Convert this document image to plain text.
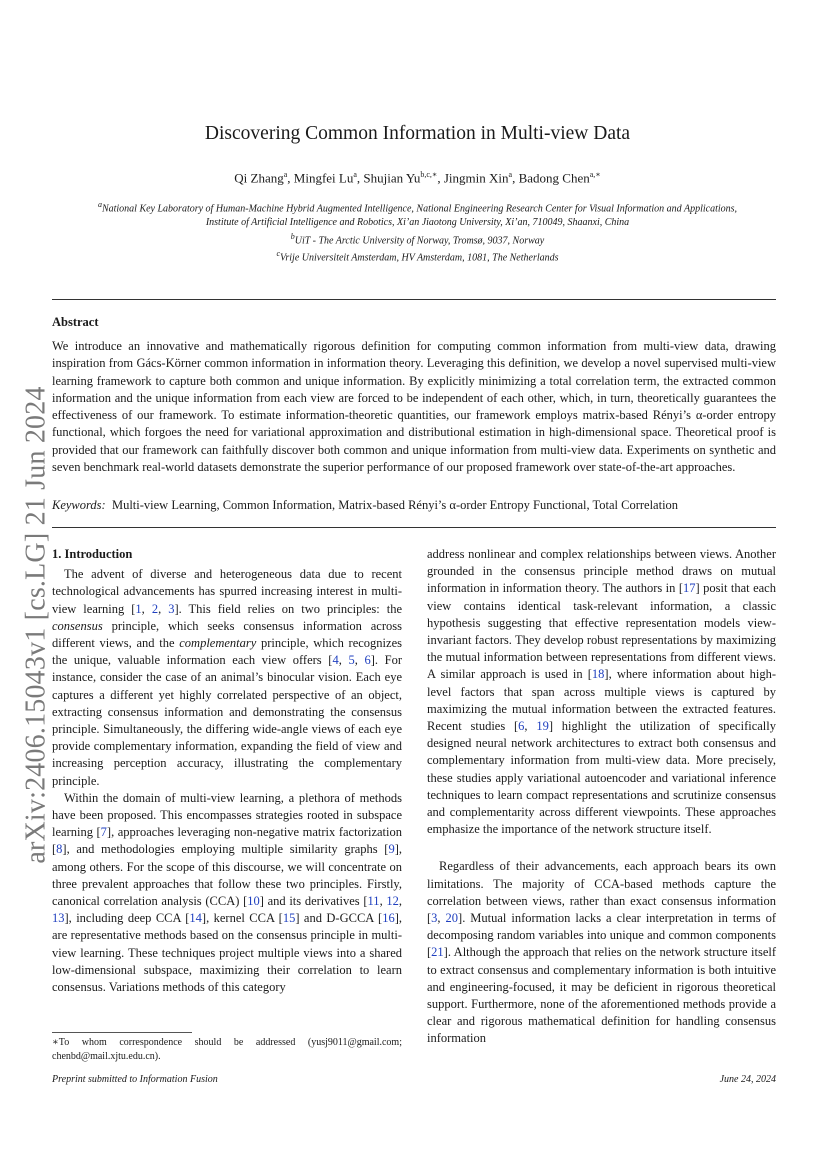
arXiv:2406.15043v1 [cs.LG] 21 Jun 2024
Discovering Common Information in Multi-view Data
Qi Zhang$^a$, Mingfei Lu$^a$, Shujian $Yu^{b,c,∗}$, Jingmin Xin$^a$, Badong Chen$^{a,∗}$
$^a$National Key Laboratory of Human-Machine Hybrid Augmented Intelligence, National Engineering Research Center for Visual Information and Applications,
Institute of Artificial Intelligence and Robotics, Xi’an Jiaotong University, Xi’an, 710049, Shaanxi, China
$^b$UiT - The Arctic University of Norway, Tromsø, 9037, Norway
$^c$Vrije Universiteit Amsterdam, HV Amsterdam, 1081, The Netherlands
Abstract
We introduce an innovative and mathematically rigorous definition for computing common information from multi-view data, drawing inspiration from Gács-Körner common information in information theory. Leveraging this definition, we develop a novel supervised multi-view learning framework to capture both common and unique information. By explicitly minimizing a total correlation term, the extracted common information and the unique information from each view are forced to be independent of each other, which, in turn, theoretically guarantees the effectiveness of our framework. To estimate information-theoretic quantities, our framework employs matrix-based Rényi’s α-order entropy functional, which forgoes the need for variational approximation and distributional estimation in high-dimensional space. Theoretical proof is provided that our framework can faithfully discover both common and unique information from multi-view data. Experiments on synthetic and seven benchmark real-world datasets demonstrate the superior performance of our proposed framework over state-of-the-art approaches.
Keywords: Multi-view Learning, Common Information, Matrix-based Rényi’s α-order Entropy Functional, Total Correlation
1. Introduction
The advent of diverse and heterogeneous data due to recent technological advancements has spurred increasing interest in multi-view learning [1, 2, 3]. This field relies on two principles: the consensus principle, which seeks consensus information across different views, and the complementary principle, which recognizes the unique, valuable information each view offers [4, 5, 6]. For instance, consider the case of an animal’s binocular vision. Each eye captures a different yet highly correlated perspective of an object, extracting consensus information and demonstrating the consensus principle. Simultaneously, the differing wide-angle views of each eye provide complementary information, expanding the field of view and increasing perception accuracy, illustrating the complementary principle.
Within the domain of multi-view learning, a plethora of methods have been proposed. This encompasses strategies rooted in subspace learning [7], approaches leveraging non-negative matrix factorization [8], and methodologies employing multiple similarity graphs [9], among others. For the scope of this discourse, we will concentrate on three prevalent approaches that follow these two principles. Firstly, canonical correlation analysis (CCA) [10] and its derivatives [11, 12, 13], including deep CCA [14], kernel CCA [15] and D-GCCA [16], are representative methods based on the consensus principle in multi-view learning. These techniques project multiple views into a shared low-dimensional subspace, maximizing their correlation to learn consensus. Variations methods of this category
address nonlinear and complex relationships between views. Another grounded in the consensus principle method draws on mutual information in information theory. The authors in [17] posit that each view contains identical task-relevant information, a classic hypothesis suggesting that effective representation models view-invariant factors. They develop robust representations by maximizing the mutual information between representations from different views. A similar approach is used in [18], where information about high-level factors that span across multiple views is captured by maximizing the mutual information between the extracted features. Recent studies [6, 19] highlight the utilization of specifically designed neural network architectures to extract both consensus and complementary information from multi-view data. More precisely, these studies apply variational autoencoder and variational inference techniques to learn compact representations and scrutinize consensus and complementarity across different viewpoints. These approaches emphasize the importance of the network structure itself.
Regardless of their advancements, each approach bears its own limitations. The majority of CCA-based methods capture the correlation between views, rather than exact consensus information [3, 20]. Mutual information lacks a clear interpretation in terms of decomposing random variables into unique and common components [21]. Although the approach that relies on the network structure itself to extract consensus and complementary information is both intuitive and engineering-focused, it may be deficient in rigorous theoretical support. Furthermore, none of the aforementioned methods provide a clear and rigorous mathematical definition for handling consensus information
∗To whom correspondence should be addressed (yusj9011@gmail.com; chenbd@mail.xjtu.edu.cn).
Preprint submitted to Information Fusion	June 24, 2024
